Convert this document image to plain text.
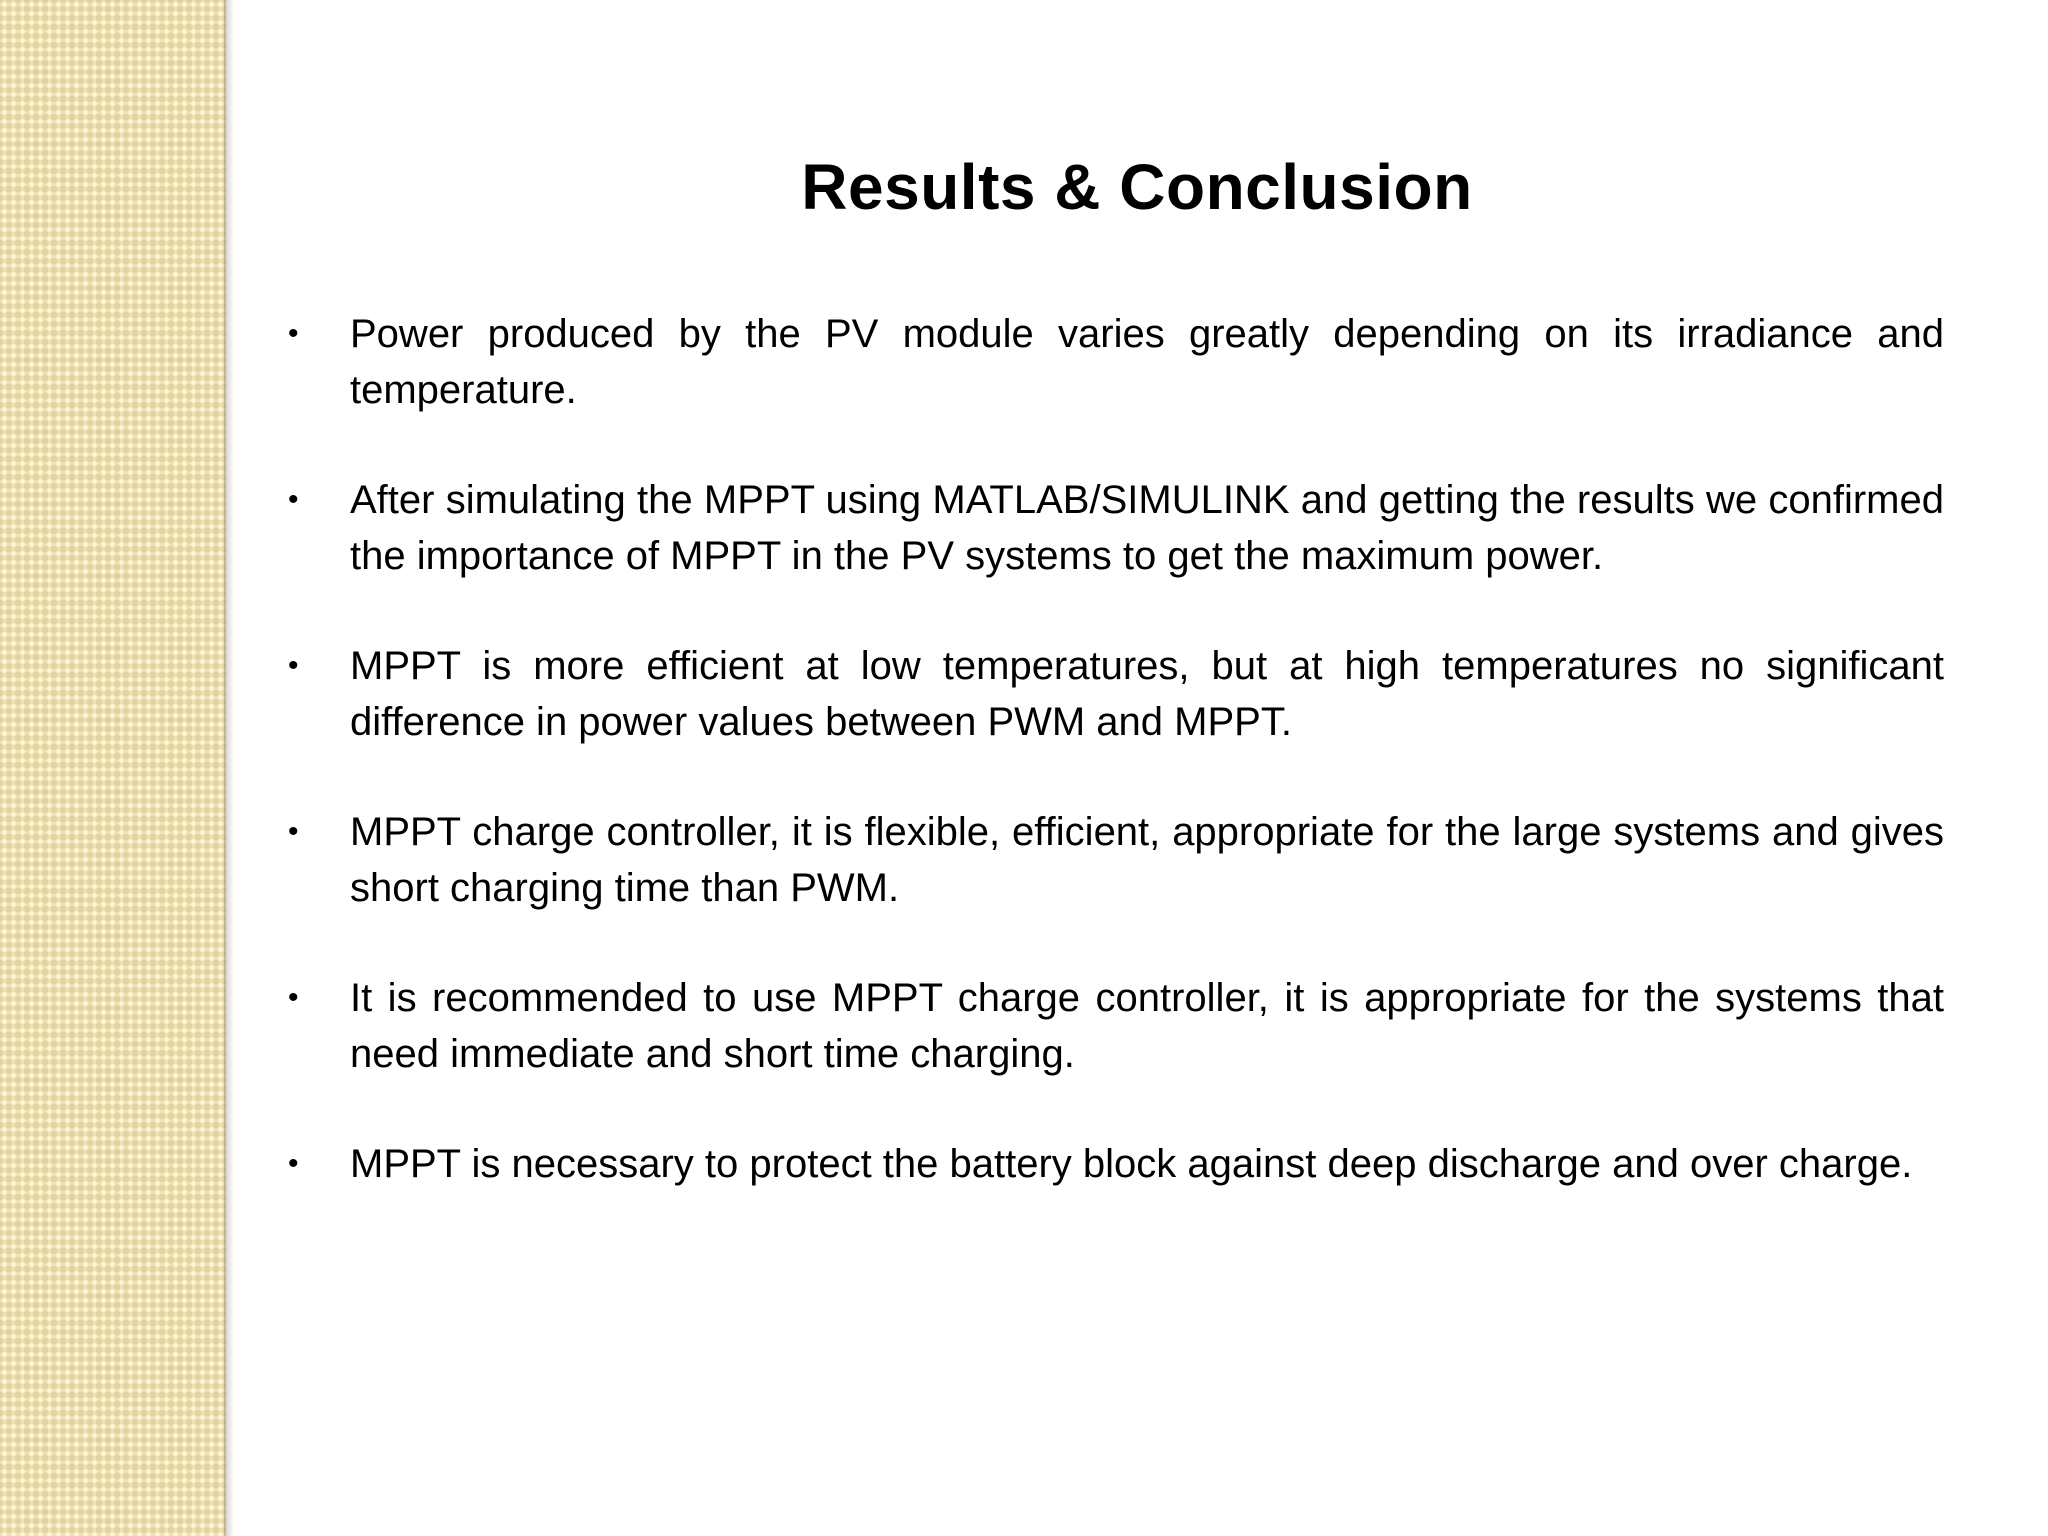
Results & Conclusion
• Power produced by the PV module varies greatly depending on its irradiance and temperature.
• After simulating the MPPT using MATLAB/SIMULINK and getting the results we confirmed the importance of MPPT in the PV systems to get the maximum power.
• MPPT is more efficient at low temperatures, but at high temperatures no significant difference in power values between PWM and MPPT.
• MPPT charge controller, it is flexible, efficient, appropriate for the large systems and gives short charging time than PWM.
• It is recommended to use MPPT charge controller, it is appropriate for the systems that need immediate and short time charging.
• MPPT is necessary to protect the battery block against deep discharge and over charge.
